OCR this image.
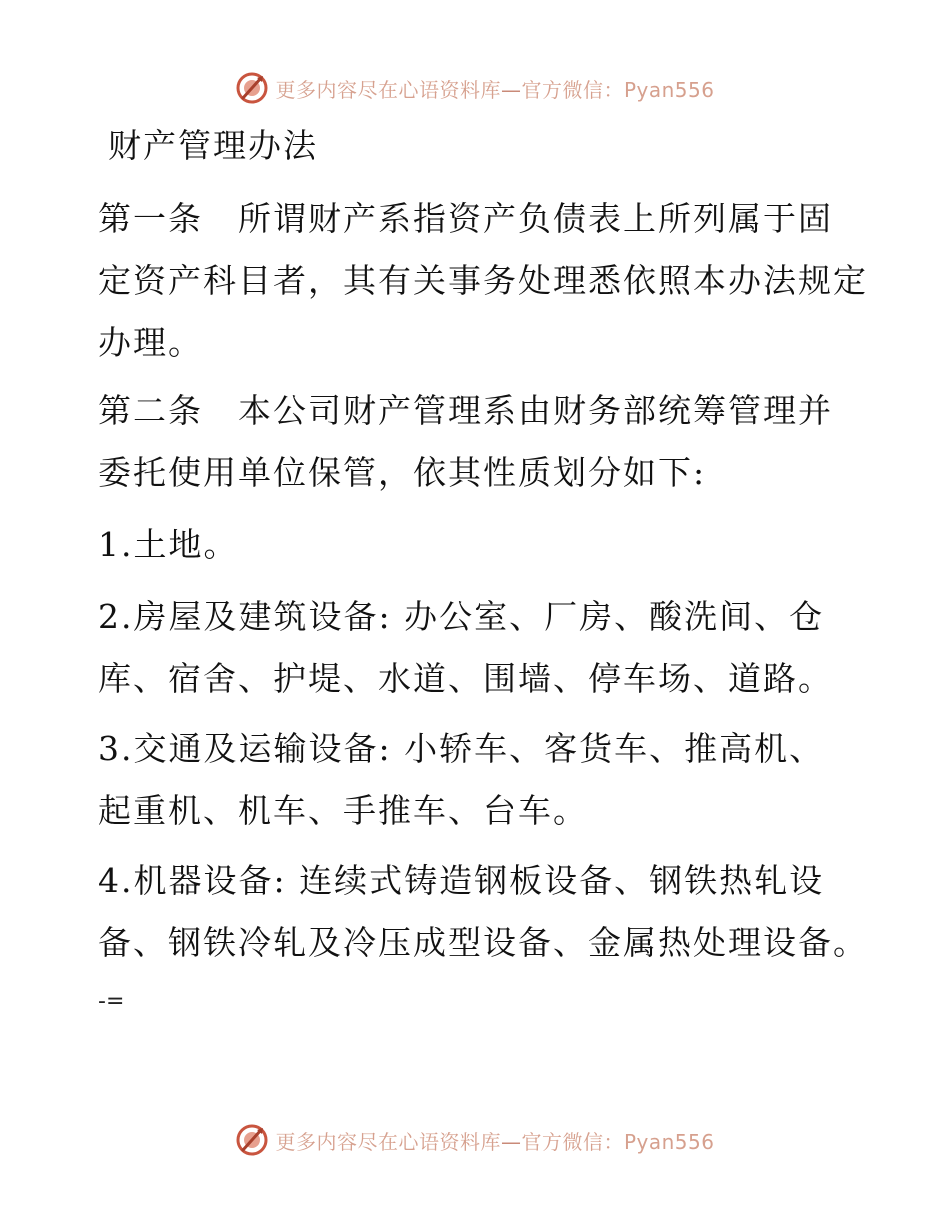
更多内容尽在心语资料库—官方微信：Pyan556
财产管理办法

第一条　所谓财产系指资产负债表上所列属于固
定资产科目者，其有关事务处理悉依照本办法规定
办理。

第二条　本公司财产管理系由财务部统筹管理并
委托使用单位保管，依其性质划分如下:

1.土地。

2.房屋及建筑设备: 办公室、厂房、酸洗间、仓
库、宿舍、护堤、水道、围墙、停车场、道路。

3.交通及运输设备: 小轿车、客货车、推高机、
起重机、机车、手推车、台车。

4.机器设备: 连续式铸造钢板设备、钢铁热轧设
备、钢铁冷轧及冷压成型设备、金属热处理设备。

-=
更多内容尽在心语资料库—官方微信：Pyan556
